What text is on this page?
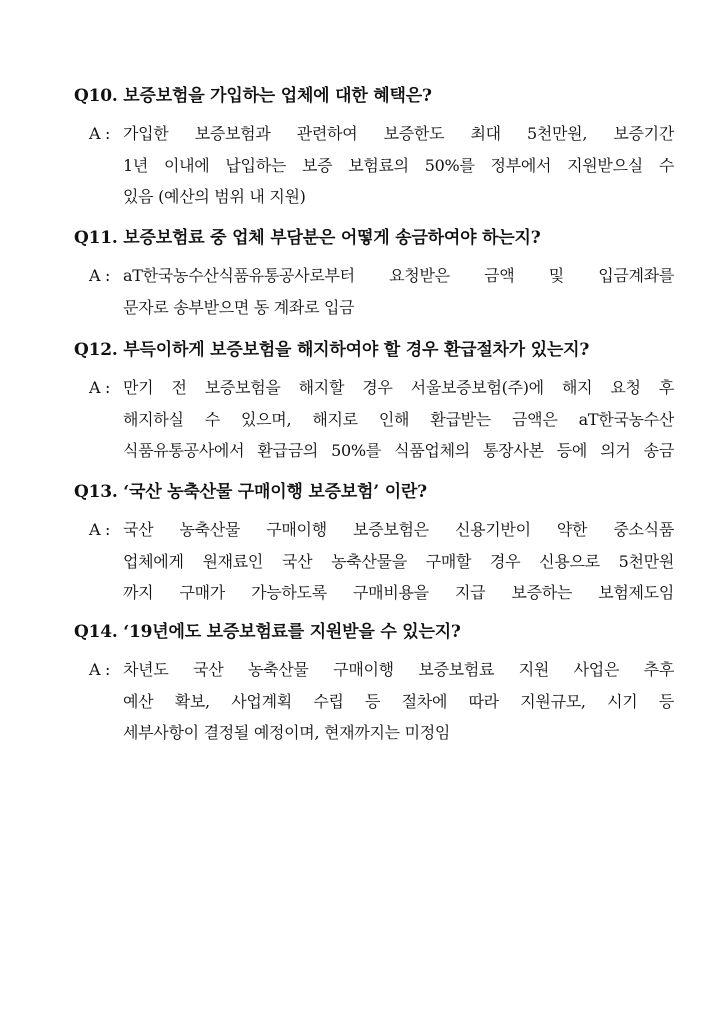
Q10. 보증보험을 가입하는 업체에 대한 혜택은?
A : 가입한 보증보험과 관련하여 보증한도 최대 5천만원, 보증기간
1년 이내에 납입하는 보증 보험료의 50%를 정부에서 지원받으실 수
있음 (예산의 범위 내 지원)
Q11. 보증보험료 중 업체 부담분은 어떻게 송금하여야 하는지?
A : aT한국농수산식품유통공사로부터 요청받은 금액 및 입금계좌를
문자로 송부받으면 동 계좌로 입금
Q12. 부득이하게 보증보험을 해지하여야 할 경우 환급절차가 있는지?
A : 만기 전 보증보험을 해지할 경우 서울보증보험(주)에 해지 요청 후
해지하실 수 있으며, 해지로 인해 환급받는 금액은 aT한국농수산
식품유통공사에서 환급금의 50%를 식품업체의 통장사본 등에 의거 송금
Q13. ‘국산 농축산물 구매이행 보증보험’ 이란?
A : 국산 농축산물 구매이행 보증보험은 신용기반이 약한 중소식품
업체에게 원재료인 국산 농축산물을 구매할 경우 신용으로 5천만원
까지 구매가 가능하도록 구매비용을 지급 보증하는 보험제도임
Q14. ‘19년에도 보증보험료를 지원받을 수 있는지?
A : 차년도 국산 농축산물 구매이행 보증보험료 지원 사업은 추후
예산 확보, 사업계획 수립 등 절차에 따라 지원규모, 시기 등
세부사항이 결정될 예정이며, 현재까지는 미정임
